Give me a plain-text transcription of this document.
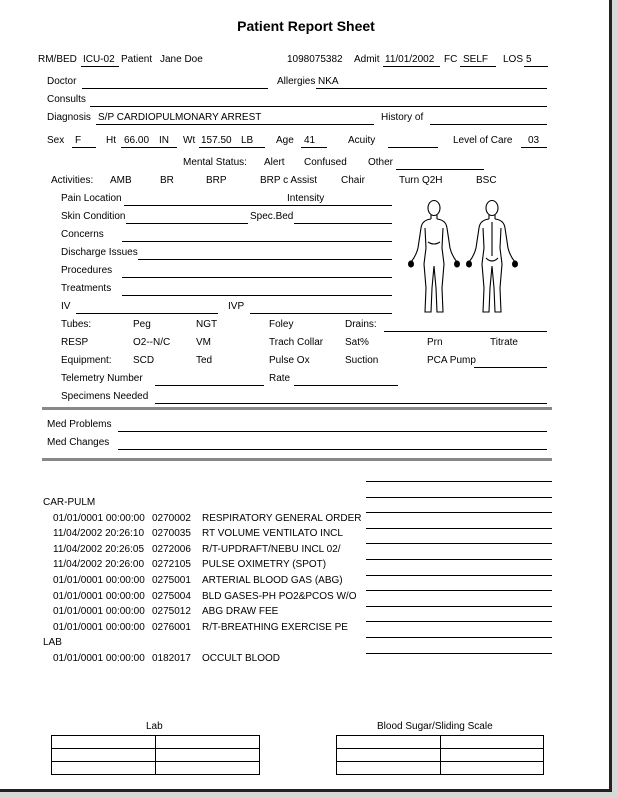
Patient Report Sheet
RM/BED ICU-02 Patient Jane Doe	1098075382 Admit 11/01/2002 FC SELF LOS 5
Doctor	Allergies NKA
Consults
Diagnosis S/P CARDIOPULMONARY ARREST	History of
Sex F Ht 66.00 IN Wt 157.50 LB Age 41	Acuity	Level of Care 03
Mental Status: Alert Confused Other
Activities: AMB	BR	BRP	BRP c Assist Chair	Turn Q2H	BSC
Pain Location	Intensity
Skin Condition	Spec.Bed
Concerns
Discharge Issues
Procedures
Treatments
IV	IVP
Tubes:	Peg	NGT	Foley	Drains:
RESP	O2--N/C	VM	Trach Collar Sat%	Prn	Titrate
Equipment: SCD	Ted	Pulse Ox	Suction	PCA Pump
Telemetry Number	Rate
Specimens Needed
Med Problems
Med Changes
Lab

		Blood Sugar/Sliding Scale

CAR-PULM
01/01/0001 00:00:00 0270002 RESPIRATORY GENERAL ORDER
11/04/2002 20:26:10 0270035 RT VOLUME VENTILATO INCL
11/04/2002 20:26:05 0272006 R/T-UPDRAFT/NEBU INCL 02/
11/04/2002 20:26:00 0272105 PULSE OXIMETRY (SPOT)
01/01/0001 00:00:00 0275001 ARTERIAL BLOOD GAS (ABG)
01/01/0001 00:00:00 0275004 BLD GASES-PH PO2&PCOS W/O
01/01/0001 00:00:00 0275012 ABG DRAW FEE
01/01/0001 00:00:00 0276001 R/T-BREATHING EXERCISE PE
LAB
01/01/0001 00:00:00 0182017 OCCULT BLOOD
